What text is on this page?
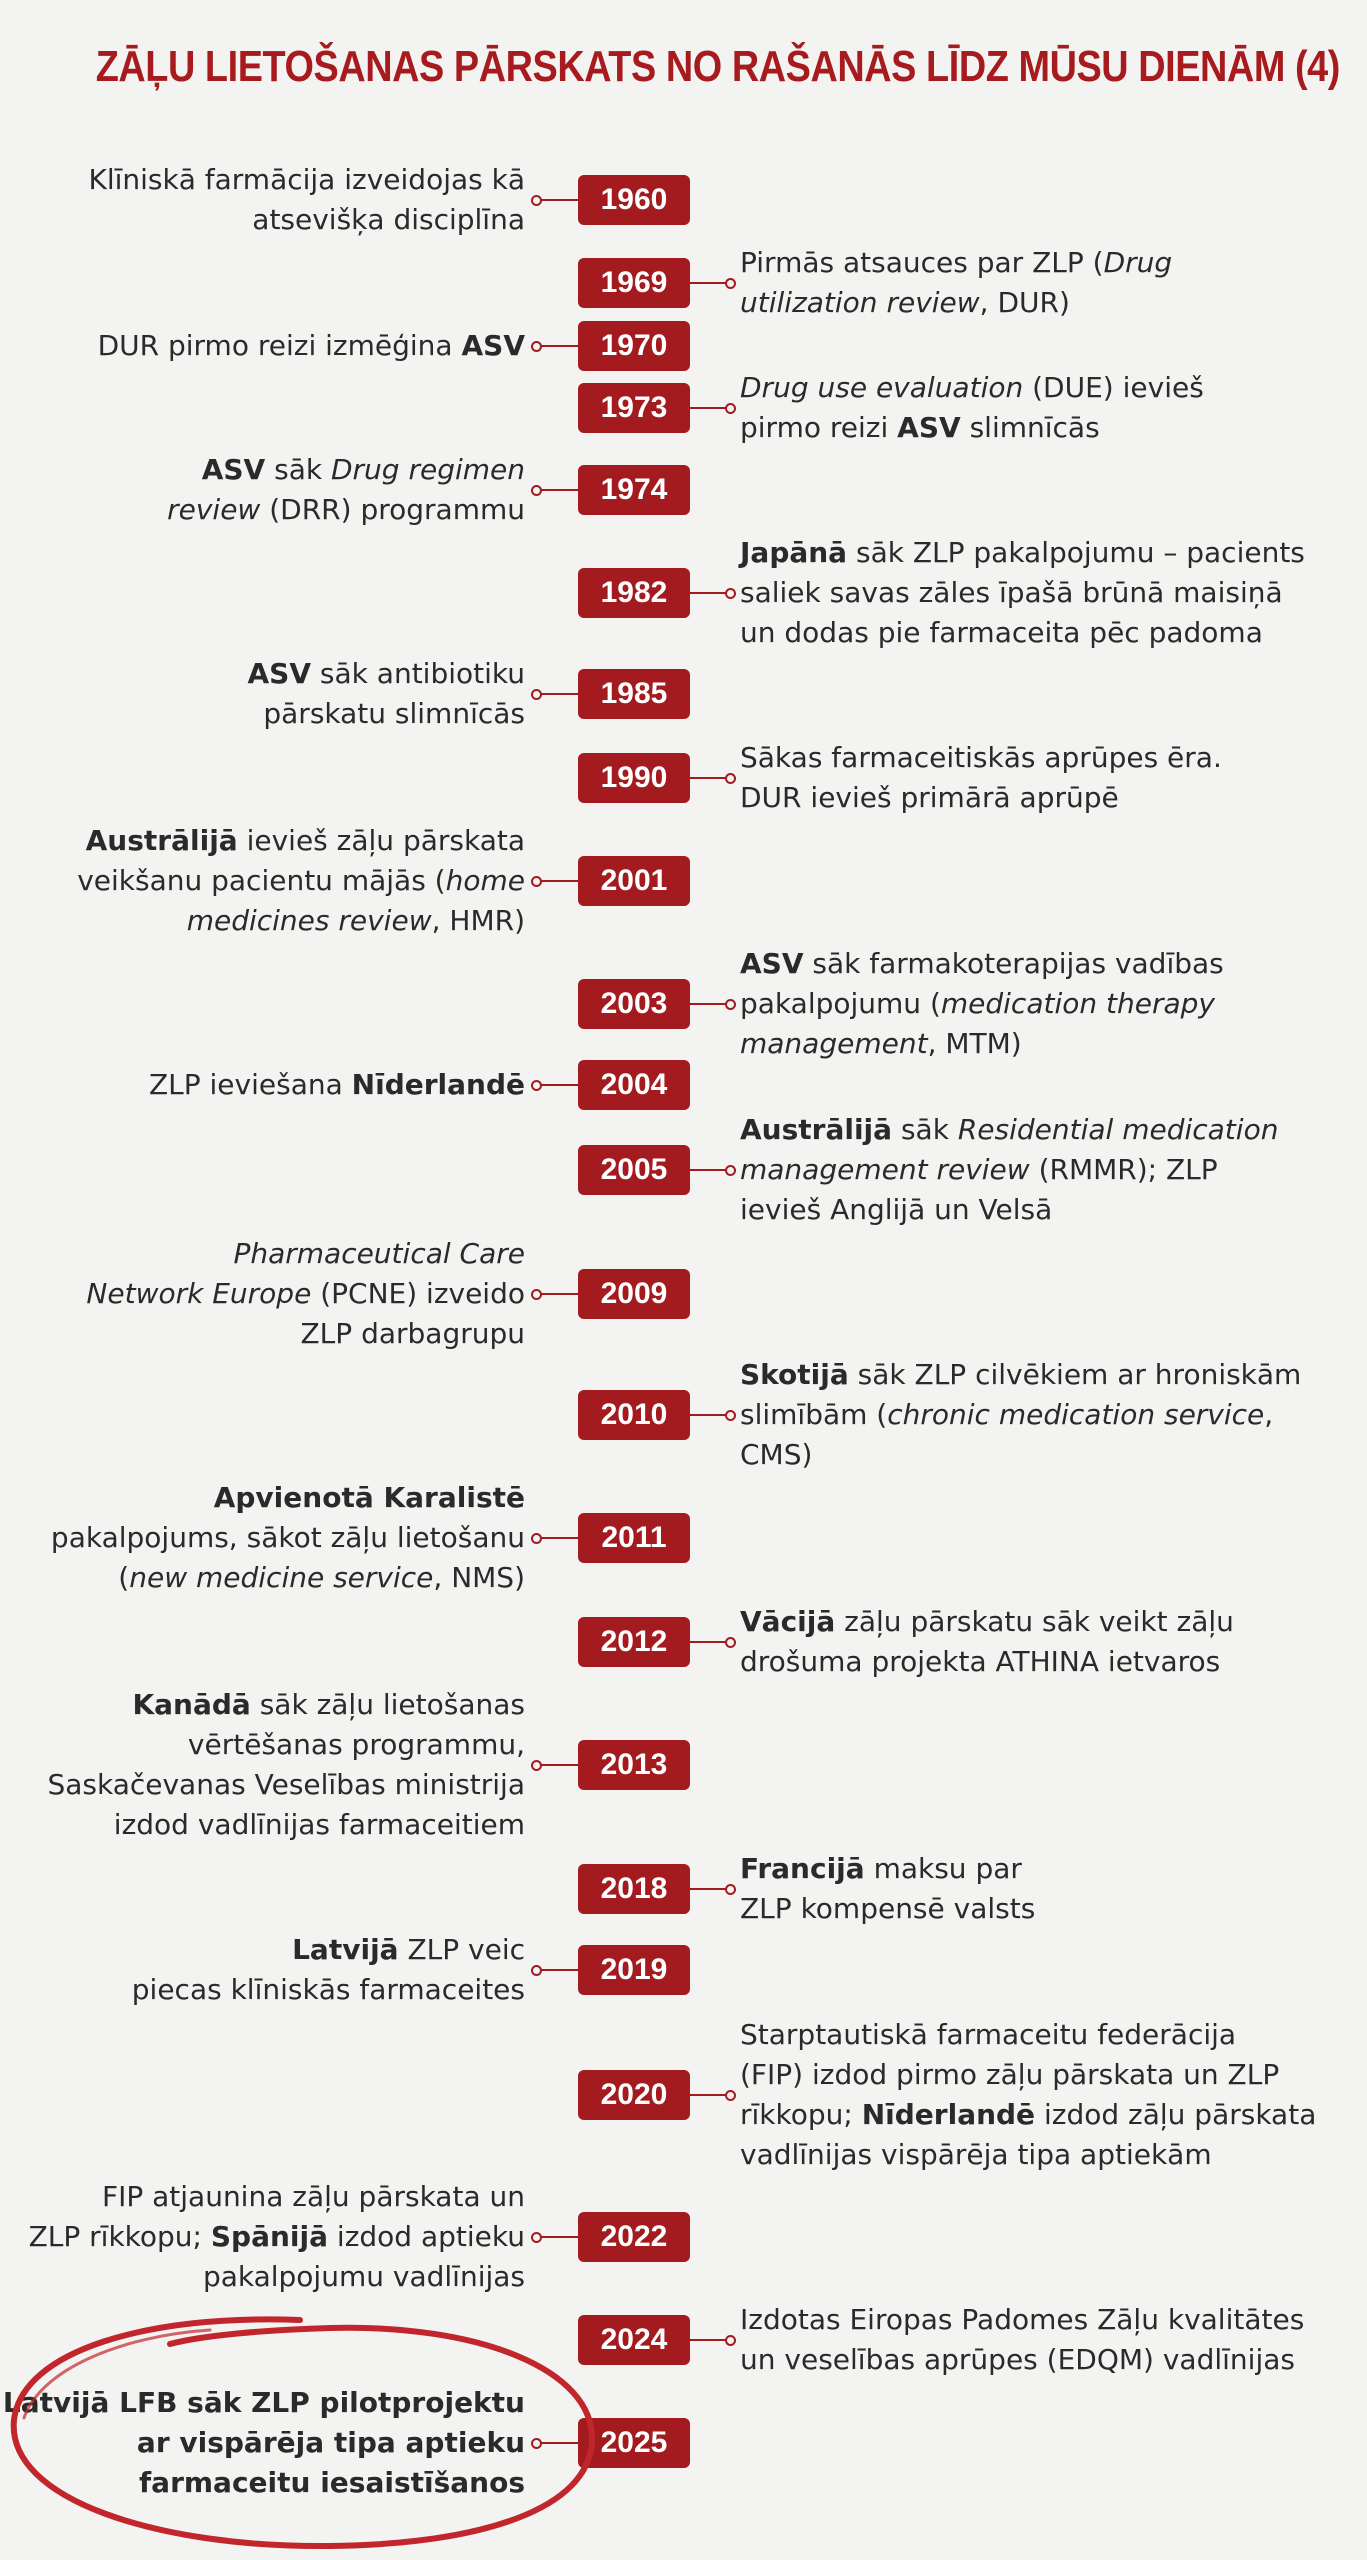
ZĀĻU LIETOŠANAS PĀRSKATS NO RAŠANĀS LĪDZ MŪSU DIENĀM (4)
1960
Klīniskā farmācija izveidojas kā
atsevišķa disciplīna
1969
Pirmās atsauces par ZLP (Drug
utilization review, DUR)
1970
DUR pirmo reizi izmēģina ASV
1973
Drug use evaluation (DUE) ievieš
pirmo reizi ASV slimnīcās
1974
ASV sāk Drug regimen
review (DRR) programmu
1982
Japānā sāk ZLP pakalpojumu – pacients
saliek savas zāles īpašā brūnā maisiņā
un dodas pie farmaceita pēc padoma
1985
ASV sāk antibiotiku
pārskatu slimnīcās
1990
Sākas farmaceitiskās aprūpes ēra.
DUR ievieš primārā aprūpē
2001
Austrālijā ievieš zāļu pārskata
veikšanu pacientu mājās (home
medicines review, HMR)
2003
ASV sāk farmakoterapijas vadības
pakalpojumu (medication therapy
management, MTM)
2004
ZLP ieviešana Nīderlandē
2005
Austrālijā sāk Residential medication
management review (RMMR); ZLP
ievieš Anglijā un Velsā
2009
Pharmaceutical Care
Network Europe (PCNE) izveido
ZLP darbagrupu
2010
Skotijā sāk ZLP cilvēkiem ar hroniskām
slimībām (chronic medication service,
CMS)
2011
Apvienotā Karalistē
pakalpojums, sākot zāļu lietošanu
(new medicine service, NMS)
2012
Vācijā zāļu pārskatu sāk veikt zāļu
drošuma projekta ATHINA ietvaros
2013
Kanādā sāk zāļu lietošanas
vērtēšanas programmu,
Saskačevanas Veselības ministrija
izdod vadlīnijas farmaceitiem
2018
Francijā maksu par
ZLP kompensē valsts
2019
Latvijā ZLP veic
piecas klīniskās farmaceites
2020
Starptautiskā farmaceitu federācija
(FIP) izdod pirmo zāļu pārskata un ZLP
rīkkopu; Nīderlandē izdod zāļu pārskata
vadlīnijas vispārēja tipa aptiekām
2022
FIP atjaunina zāļu pārskata un
ZLP rīkkopu; Spānijā izdod aptieku
pakalpojumu vadlīnijas
2024
Izdotas Eiropas Padomes Zāļu kvalitātes
un veselības aprūpes (EDQM) vadlīnijas
2025
Latvijā LFB sāk ZLP pilotprojektu
ar vispārēja tipa aptieku
farmaceitu iesaistīšanos
